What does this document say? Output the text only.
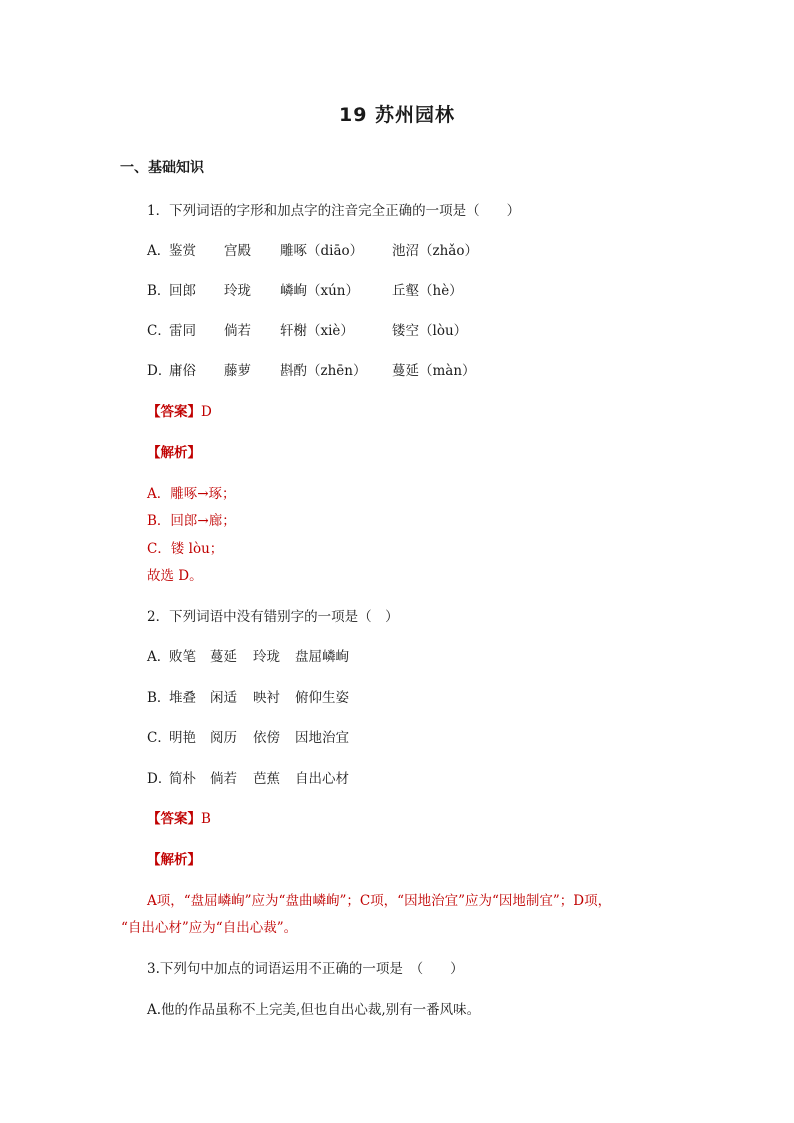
19 苏州园林
一、基础知识
1．下列词语的字形和加点字的注音完全正确的一项是（　　）
A．
鉴赏 宫殿 雕啄（diāo） 池沼（zhǎo）
B．
回郎 玲珑 嶙峋（xún） 丘壑（hè）
C．
雷同 倘若 轩榭（xiè）	镂空（lòu）
D．
庸俗 藤萝 斟酌（zhēn） 蔓延（màn）
【答案】D
【解析】
A．雕啄→琢；
B．回郎→廊；
C．镂 lòu；
故选 D。
2．下列词语中没有错别字的一项是（　）
A．
败笔 蔓延 玲珑 盘屈嶙峋
B．
堆叠 闲适 映衬 俯仰生姿
C．
明艳 阅历 依傍 因地治宜
D．
简朴 倘若 芭蕉 自出心材
【答案】B
【解析】
A项，“盘屈嶙峋”应为“盘曲嶙峋”；C项，“因地治宜”应为“因地制宜”；D项，
“自出心材”应为“自出心裁”。
3.下列句中加点的词语运用不正确的一项是　（　　）
A.他的作品虽称不上完美,但也自出心裁,别有一番风味。
